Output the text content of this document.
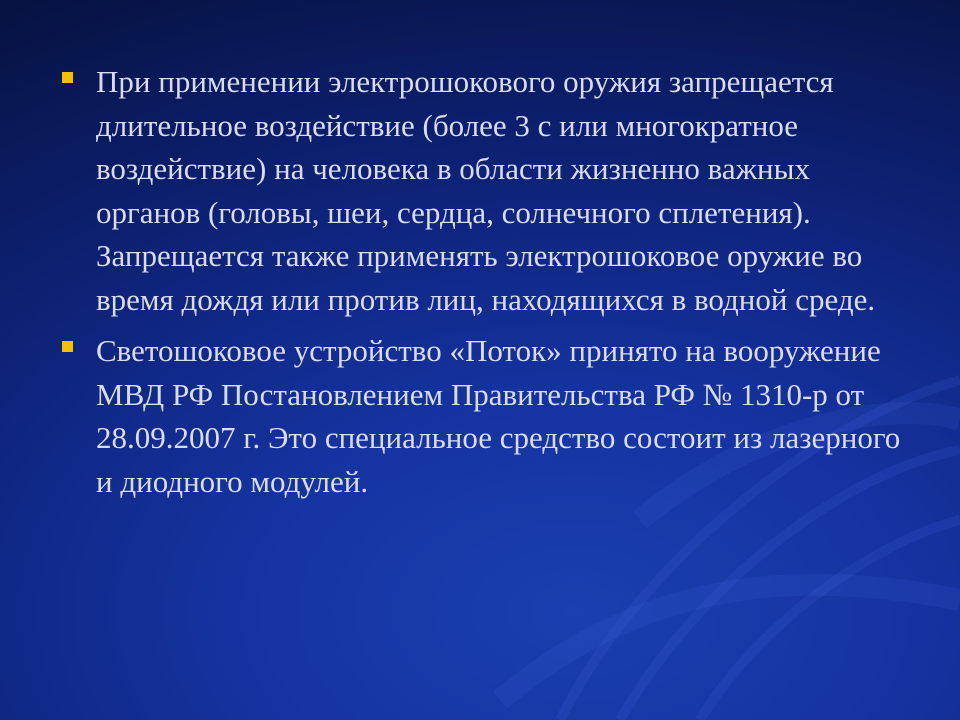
При применении электрошокового оружия запрещается длительное воздействие (более 3 с или многократное воздействие) на человека в области жизненно важных органов (головы, шеи, сердца, солнечного сплетения). Запрещается также применять электрошоковое оружие во время дождя или против лиц, находящихся в водной среде.

Светошоковое устройство «Поток» принято на вооружение МВД РФ Постановлением Правительства РФ № 1310-р от 28.09.2007 г. Это специальное средство состоит из лазерного и диодного модулей.
